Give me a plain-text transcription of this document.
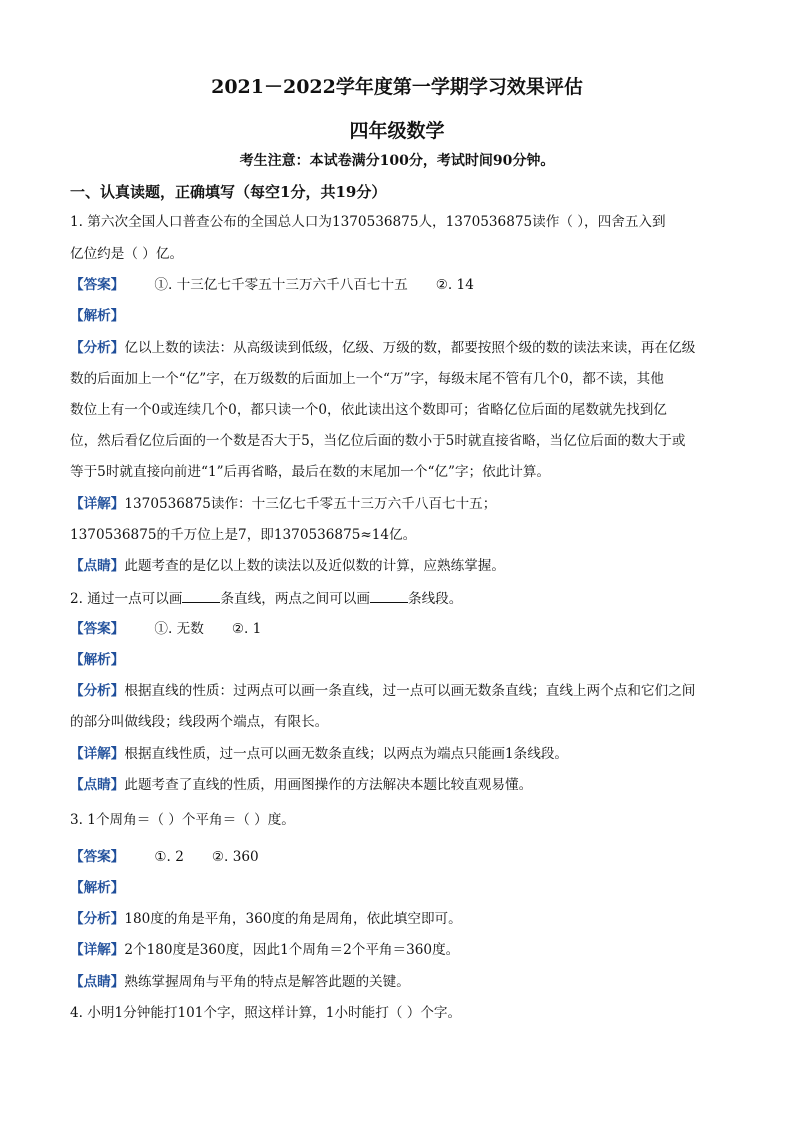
2021－2022学年度第一学期学习效果评估
四年级数学
考生注意：本试卷满分100分，考试时间90分钟。
一、认真读题，正确填写（每空1分，共19分）
1. 第六次全国人口普查公布的全国总人口为1370536875人，1370536875读作（ ），四舍五入到
亿位约是（ ）亿。
【答案】 ①. 十三亿七千零五十三万六千八百七十五 ②. 14
【解析】
【分析】亿以上数的读法：从高级读到低级，亿级、万级的数，都要按照个级的数的读法来读，再在亿级
数的后面加上一个“亿”字，在万级数的后面加上一个“万”字，每级末尾不管有几个0，都不读，其他
数位上有一个0或连续几个0，都只读一个0，依此读出这个数即可；省略亿位后面的尾数就先找到亿
位，然后看亿位后面的一个数是否大于5，当亿位后面的数小于5时就直接省略，当亿位后面的数大于或
等于5时就直接向前进“1”后再省略，最后在数的末尾加一个“亿”字；依此计算。
【详解】1370536875读作：十三亿七千零五十三万六千八百七十五；
1370536875的千万位上是7，即1370536875≈14亿。
【点睛】此题考查的是亿以上数的读法以及近似数的计算，应熟练掌握。
2. 通过一点可以画	条直线，两点之间可以画	条线段。
【答案】 ①. 无数 ②. 1
【解析】
【分析】根据直线的性质：过两点可以画一条直线，过一点可以画无数条直线；直线上两个点和它们之间
的部分叫做线段；线段两个端点，有限长。
【详解】根据直线性质，过一点可以画无数条直线；以两点为端点只能画1条线段。
【点睛】此题考查了直线的性质，用画图操作的方法解决本题比较直观易懂。
3. 1个周角＝（ ）个平角＝（ ）度。
【答案】 ①. 2 ②. 360
【解析】
【分析】180度的角是平角，360度的角是周角，依此填空即可。
【详解】2个180度是360度，因此1个周角＝2个平角＝360度。
【点睛】熟练掌握周角与平角的特点是解答此题的关键。
4. 小明1分钟能打101个字，照这样计算，1小时能打（ ）个字。
